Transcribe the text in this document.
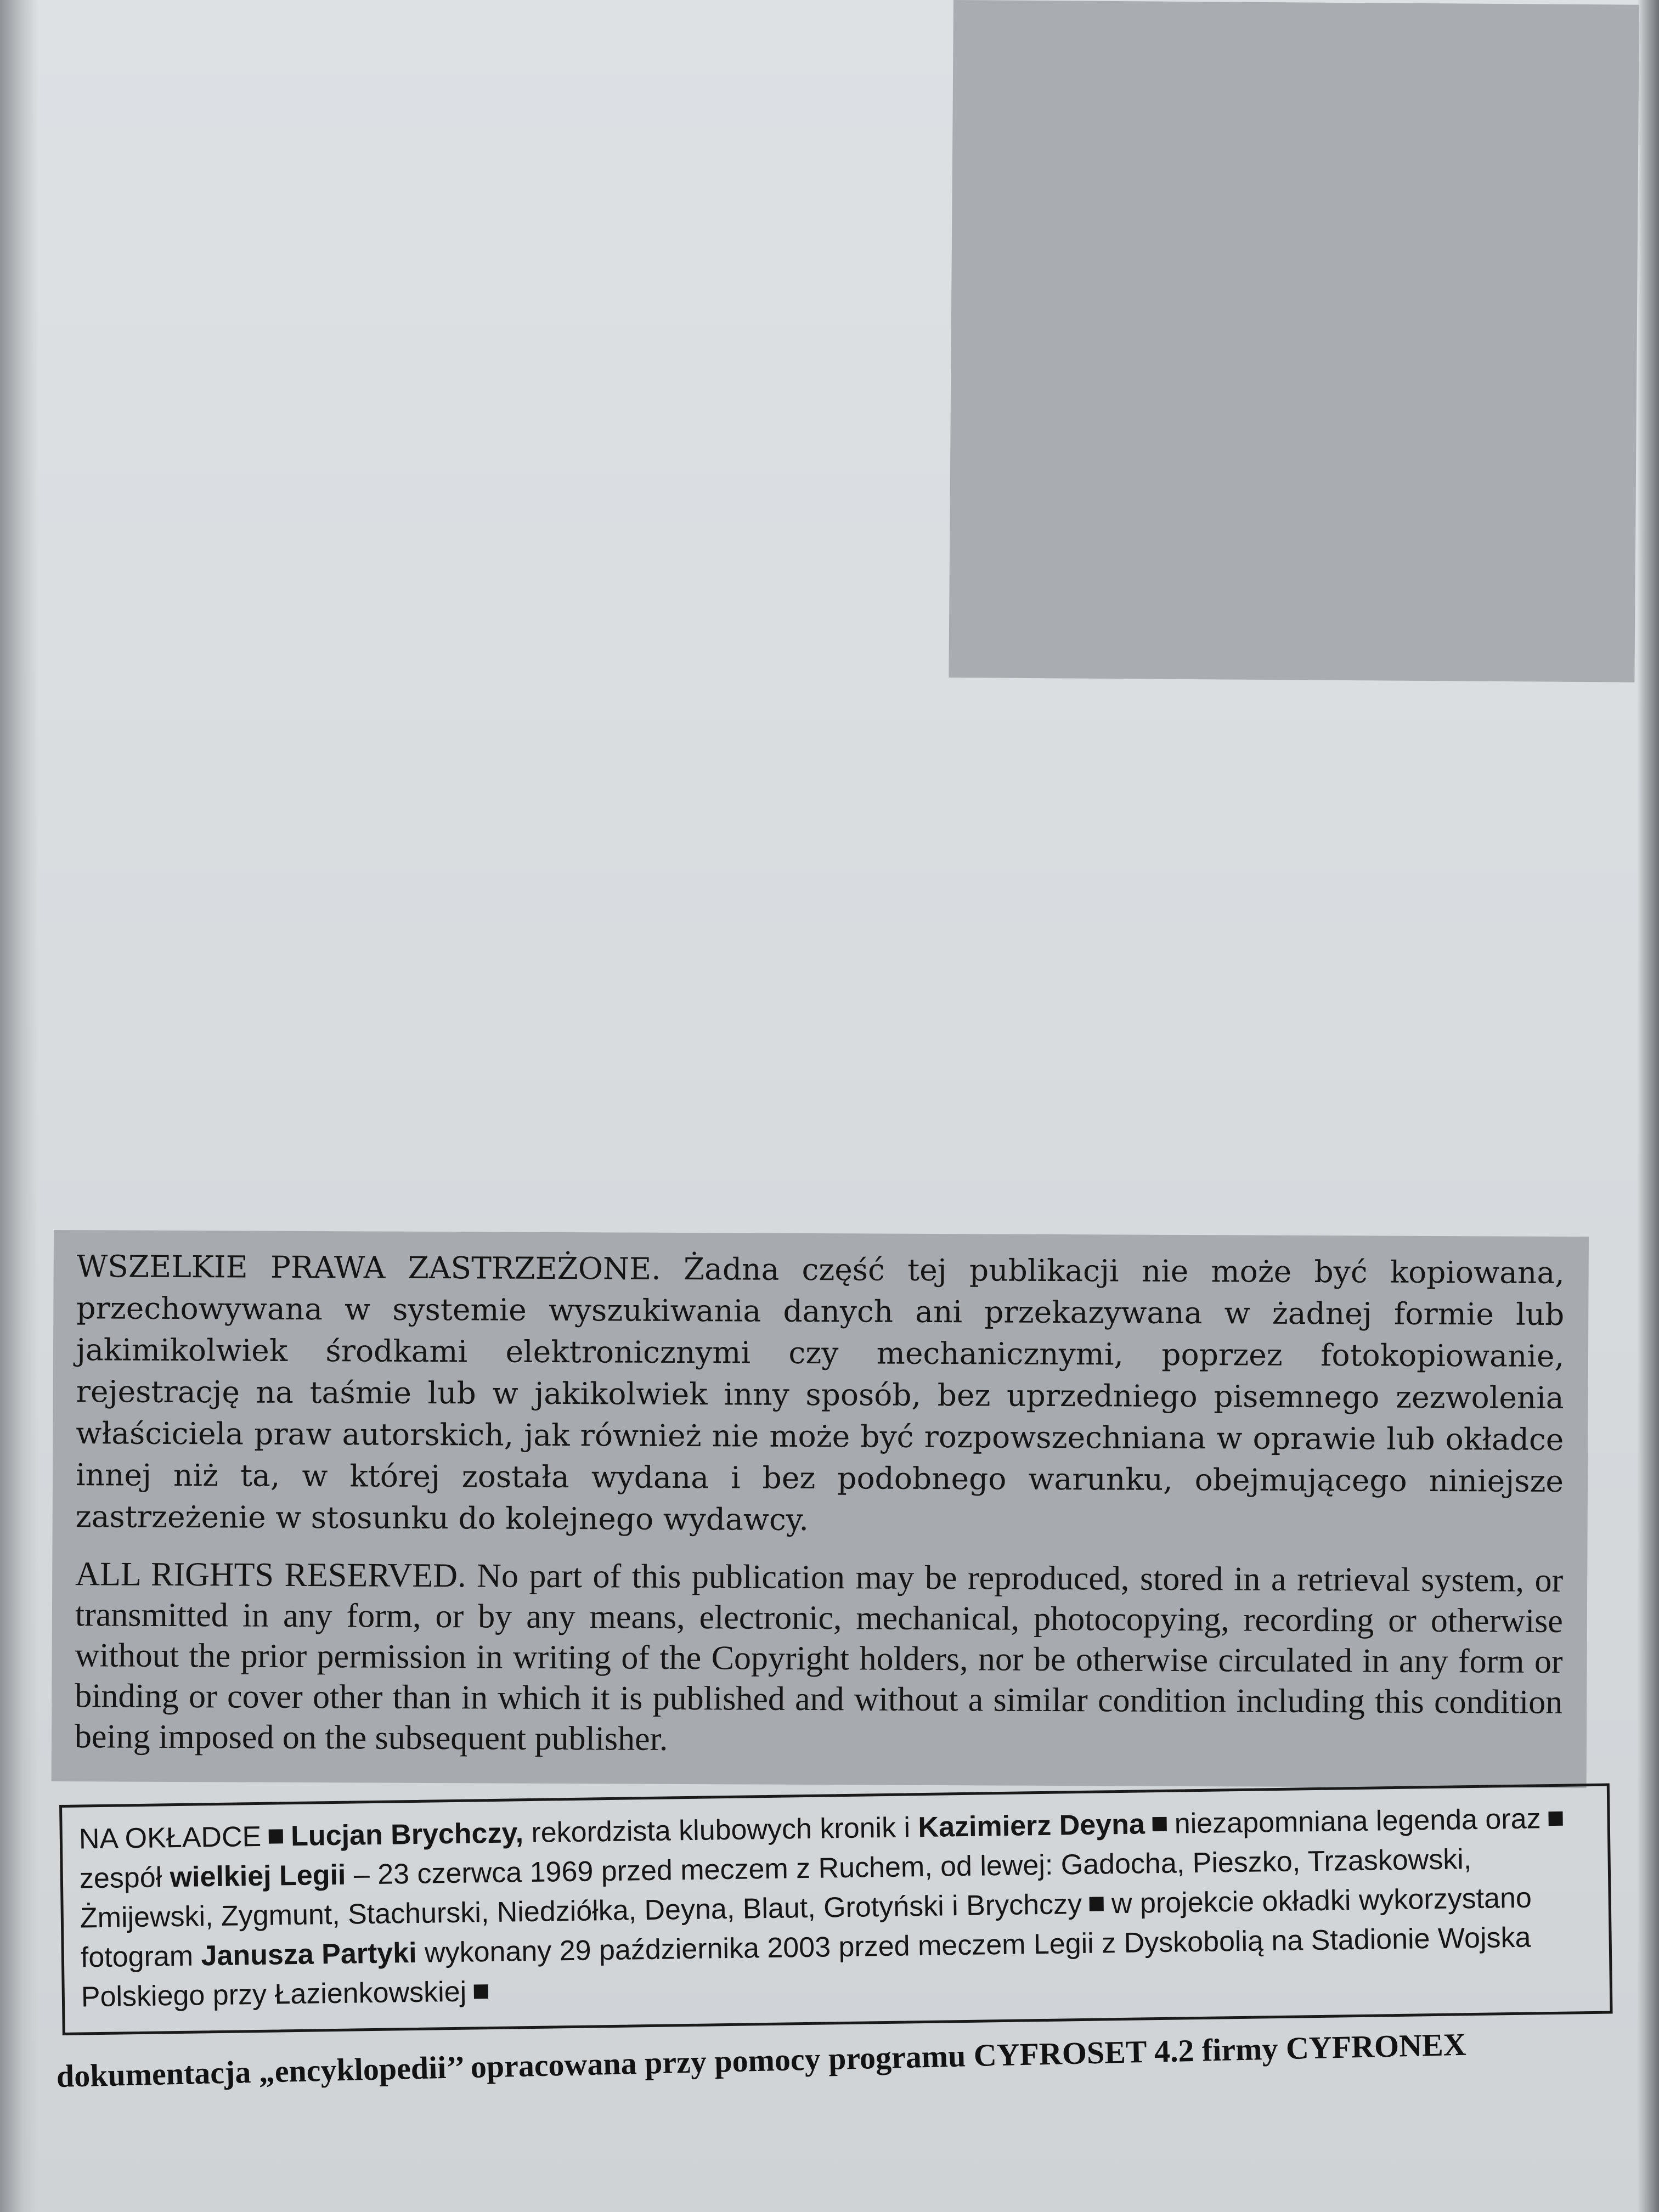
WSZELKIE PRAWA ZASTRZEŻONE. Żadna część tej publikacji nie może być kopiowana, przechowywana w systemie wyszukiwania danych ani przekazywana w żadnej formie lub jakimikolwiek środkami elektronicznymi czy mechanicznymi, poprzez fotokopiowanie, rejestrację na taśmie lub w jakikolwiek inny sposób, bez uprzedniego pisemnego zezwolenia właściciela praw autorskich, jak również nie może być rozpowszechniana w oprawie lub okładce innej niż ta, w której została wydana i bez podobnego warunku, obejmującego niniejsze zastrzeżenie w stosunku do kolejnego wydawcy.

ALL RIGHTS RESERVED. No part of this publication may be reproduced, stored in a retrieval system, or transmitted in any form, or by any means, electronic, mechanical, photocopying, recording or otherwise without the prior permission in writing of the Copyright holders, nor be otherwise circulated in any form or binding or cover other than in which it is published and without a similar condition including this condition being imposed on the subsequent publisher.

NA OKŁADCE Lucjan Brychczy, rekordzista klubowych kronik i Kazimierz Deyna niezapomniana legenda orazzespół wielkiej Legii – 23 czerwca 1969 przed meczem z Ruchem, od lewej: Gadocha, Pieszko, Trzaskowski, Żmijewski, Zygmunt, Stachurski, Niedziółka, Deyna, Blaut, Grotyński i Brychczy w projekcie okładki wykorzystano fotogram Janusza Partyki wykonany 29 października 2003 przed meczem Legii z Dyskobolią na Stadionie Wojska Polskiego przy Łazienkowskiej

dokumentacja „encyklopedii’’ opracowana przy pomocy programu CYFROSET 4.2 firmy CYFRONEX
